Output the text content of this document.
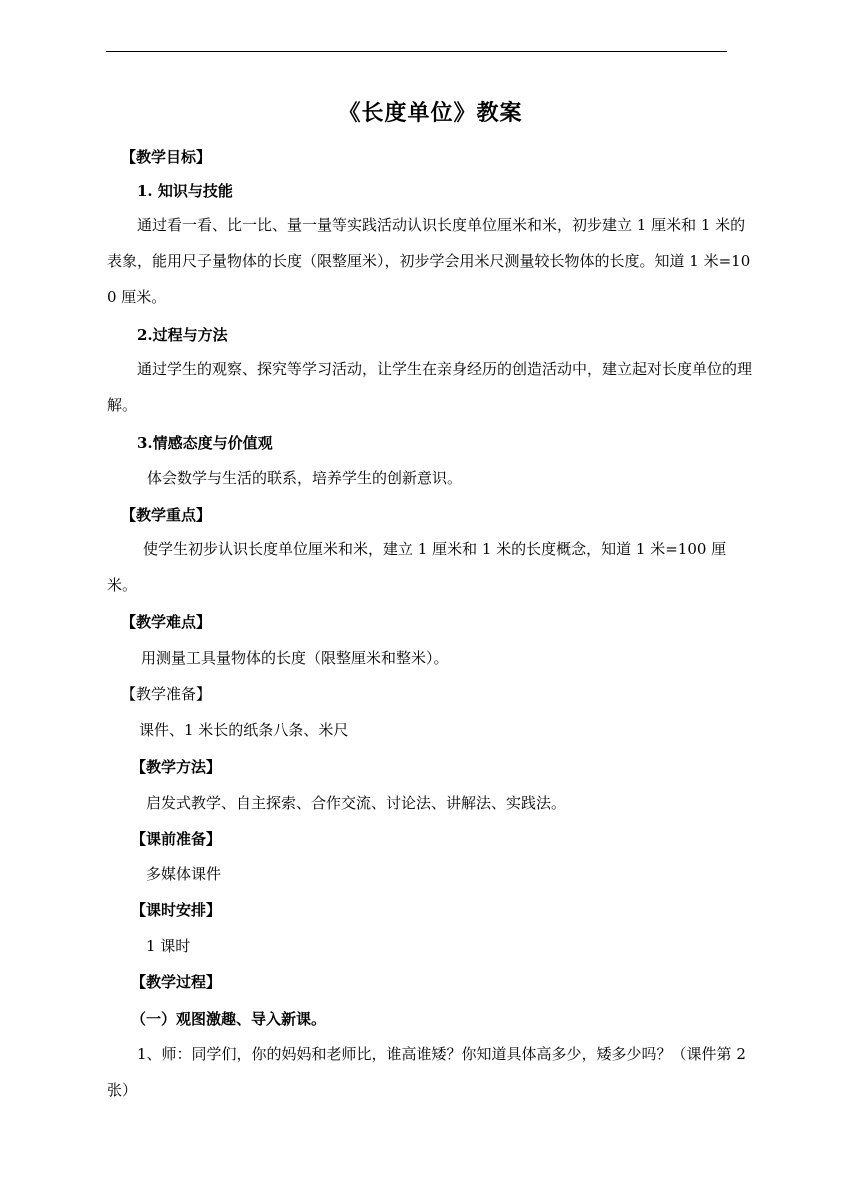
《长度单位》教案
【教学目标】
1. 知识与技能
通过看一看、比一比、量一量等实践活动认识长度单位厘米和米，初步建立 1 厘米和 1 米的表象，能用尺子量物体的长度（限整厘米），初步学会用米尺测量较长物体的长度。知道 1 米=100 厘米。
2.过程与方法
通过学生的观察、探究等学习活动，让学生在亲身经历的创造活动中，建立起对长度单位的理解。
3.情感态度与价值观
体会数学与生活的联系，培养学生的创新意识。
【教学重点】
使学生初步认识长度单位厘米和米，建立 1 厘米和 1 米的长度概念，知道 1 米=100 厘米。
【教学难点】
用测量工具量物体的长度（限整厘米和整米）。
【教学准备】
课件、1 米长的纸条八条、米尺
【教学方法】
启发式教学、自主探索、合作交流、讨论法、讲解法、实践法。
【课前准备】
多媒体课件
【课时安排】
1 课时
【教学过程】
（一）观图激趣、导入新课。
1、师：同学们，你的妈妈和老师比，谁高谁矮？你知道具体高多少，矮多少吗？（课件第 2 张）
